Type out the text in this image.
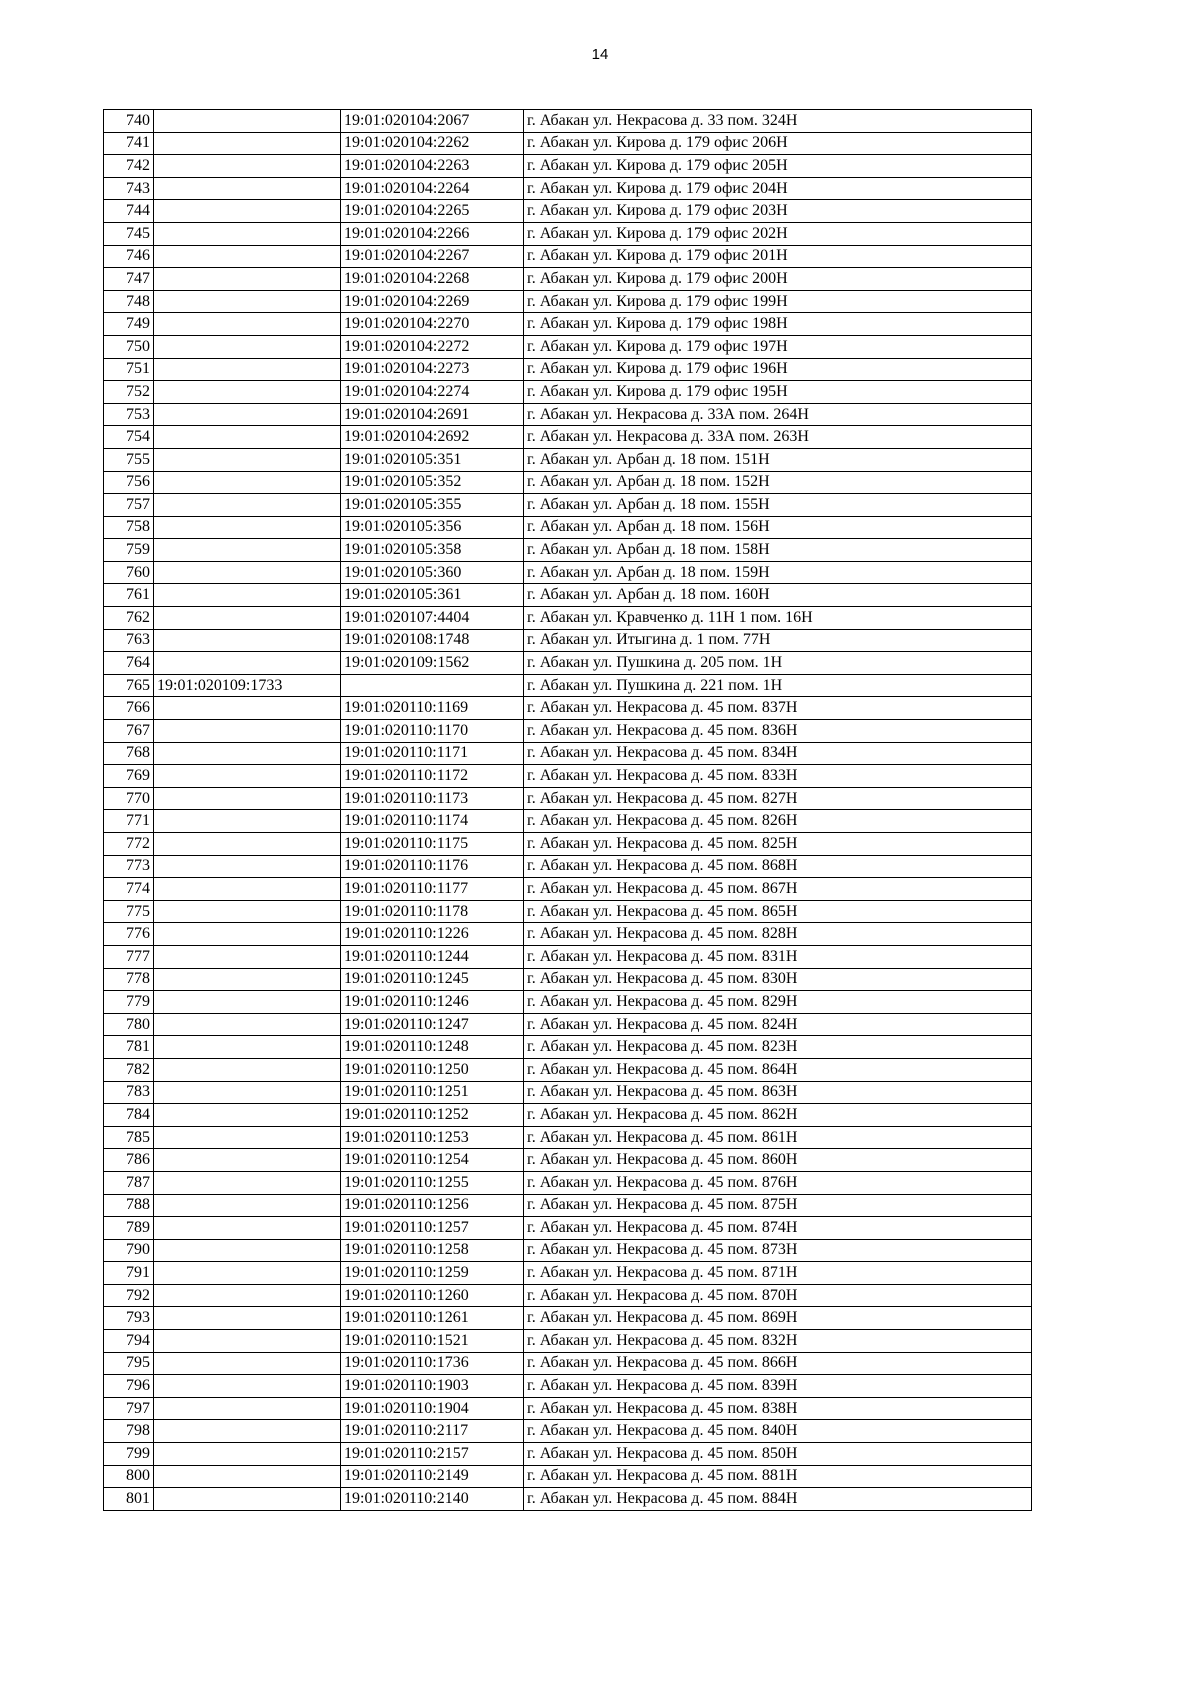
14
740		19:01:020104:2067	г. Абакан ул. Некрасова д. 33 пом. 324Н
741		19:01:020104:2262	г. Абакан ул. Кирова д. 179 офис 206Н
742		19:01:020104:2263	г. Абакан ул. Кирова д. 179 офис 205Н
743		19:01:020104:2264	г. Абакан ул. Кирова д. 179 офис 204Н
744		19:01:020104:2265	г. Абакан ул. Кирова д. 179 офис 203Н
745		19:01:020104:2266	г. Абакан ул. Кирова д. 179 офис 202Н
746		19:01:020104:2267	г. Абакан ул. Кирова д. 179 офис 201Н
747		19:01:020104:2268	г. Абакан ул. Кирова д. 179 офис 200Н
748		19:01:020104:2269	г. Абакан ул. Кирова д. 179 офис 199Н
749		19:01:020104:2270	г. Абакан ул. Кирова д. 179 офис 198Н
750		19:01:020104:2272	г. Абакан ул. Кирова д. 179 офис 197Н
751		19:01:020104:2273	г. Абакан ул. Кирова д. 179 офис 196Н
752		19:01:020104:2274	г. Абакан ул. Кирова д. 179 офис 195Н
753		19:01:020104:2691	г. Абакан ул. Некрасова д. 33А пом. 264Н
754		19:01:020104:2692	г. Абакан ул. Некрасова д. 33А пом. 263Н
755		19:01:020105:351	г. Абакан ул. Арбан д. 18 пом. 151Н
756		19:01:020105:352	г. Абакан ул. Арбан д. 18 пом. 152Н
757		19:01:020105:355	г. Абакан ул. Арбан д. 18 пом. 155Н
758		19:01:020105:356	г. Абакан ул. Арбан д. 18 пом. 156Н
759		19:01:020105:358	г. Абакан ул. Арбан д. 18 пом. 158Н
760		19:01:020105:360	г. Абакан ул. Арбан д. 18 пом. 159Н
761		19:01:020105:361	г. Абакан ул. Арбан д. 18 пом. 160Н
762		19:01:020107:4404	г. Абакан ул. Кравченко д. 11Н 1 пом. 16Н
763		19:01:020108:1748	г. Абакан ул. Итыгина д. 1 пом. 77Н
764		19:01:020109:1562	г. Абакан ул. Пушкина д. 205 пом. 1Н
765	19:01:020109:1733		г. Абакан ул. Пушкина д. 221 пом. 1Н
766		19:01:020110:1169	г. Абакан ул. Некрасова д. 45 пом. 837Н
767		19:01:020110:1170	г. Абакан ул. Некрасова д. 45 пом. 836Н
768		19:01:020110:1171	г. Абакан ул. Некрасова д. 45 пом. 834Н
769		19:01:020110:1172	г. Абакан ул. Некрасова д. 45 пом. 833Н
770		19:01:020110:1173	г. Абакан ул. Некрасова д. 45 пом. 827Н
771		19:01:020110:1174	г. Абакан ул. Некрасова д. 45 пом. 826Н
772		19:01:020110:1175	г. Абакан ул. Некрасова д. 45 пом. 825Н
773		19:01:020110:1176	г. Абакан ул. Некрасова д. 45 пом. 868Н
774		19:01:020110:1177	г. Абакан ул. Некрасова д. 45 пом. 867Н
775		19:01:020110:1178	г. Абакан ул. Некрасова д. 45 пом. 865Н
776		19:01:020110:1226	г. Абакан ул. Некрасова д. 45 пом. 828Н
777		19:01:020110:1244	г. Абакан ул. Некрасова д. 45 пом. 831Н
778		19:01:020110:1245	г. Абакан ул. Некрасова д. 45 пом. 830Н
779		19:01:020110:1246	г. Абакан ул. Некрасова д. 45 пом. 829Н
780		19:01:020110:1247	г. Абакан ул. Некрасова д. 45 пом. 824Н
781		19:01:020110:1248	г. Абакан ул. Некрасова д. 45 пом. 823Н
782		19:01:020110:1250	г. Абакан ул. Некрасова д. 45 пом. 864Н
783		19:01:020110:1251	г. Абакан ул. Некрасова д. 45 пом. 863Н
784		19:01:020110:1252	г. Абакан ул. Некрасова д. 45 пом. 862Н
785		19:01:020110:1253	г. Абакан ул. Некрасова д. 45 пом. 861Н
786		19:01:020110:1254	г. Абакан ул. Некрасова д. 45 пом. 860Н
787		19:01:020110:1255	г. Абакан ул. Некрасова д. 45 пом. 876Н
788		19:01:020110:1256	г. Абакан ул. Некрасова д. 45 пом. 875Н
789		19:01:020110:1257	г. Абакан ул. Некрасова д. 45 пом. 874Н
790		19:01:020110:1258	г. Абакан ул. Некрасова д. 45 пом. 873Н
791		19:01:020110:1259	г. Абакан ул. Некрасова д. 45 пом. 871Н
792		19:01:020110:1260	г. Абакан ул. Некрасова д. 45 пом. 870Н
793		19:01:020110:1261	г. Абакан ул. Некрасова д. 45 пом. 869Н
794		19:01:020110:1521	г. Абакан ул. Некрасова д. 45 пом. 832Н
795		19:01:020110:1736	г. Абакан ул. Некрасова д. 45 пом. 866Н
796		19:01:020110:1903	г. Абакан ул. Некрасова д. 45 пом. 839Н
797		19:01:020110:1904	г. Абакан ул. Некрасова д. 45 пом. 838Н
798		19:01:020110:2117	г. Абакан ул. Некрасова д. 45 пом. 840Н
799		19:01:020110:2157	г. Абакан ул. Некрасова д. 45 пом. 850Н
800		19:01:020110:2149	г. Абакан ул. Некрасова д. 45 пом. 881Н
801		19:01:020110:2140	г. Абакан ул. Некрасова д. 45 пом. 884Н
